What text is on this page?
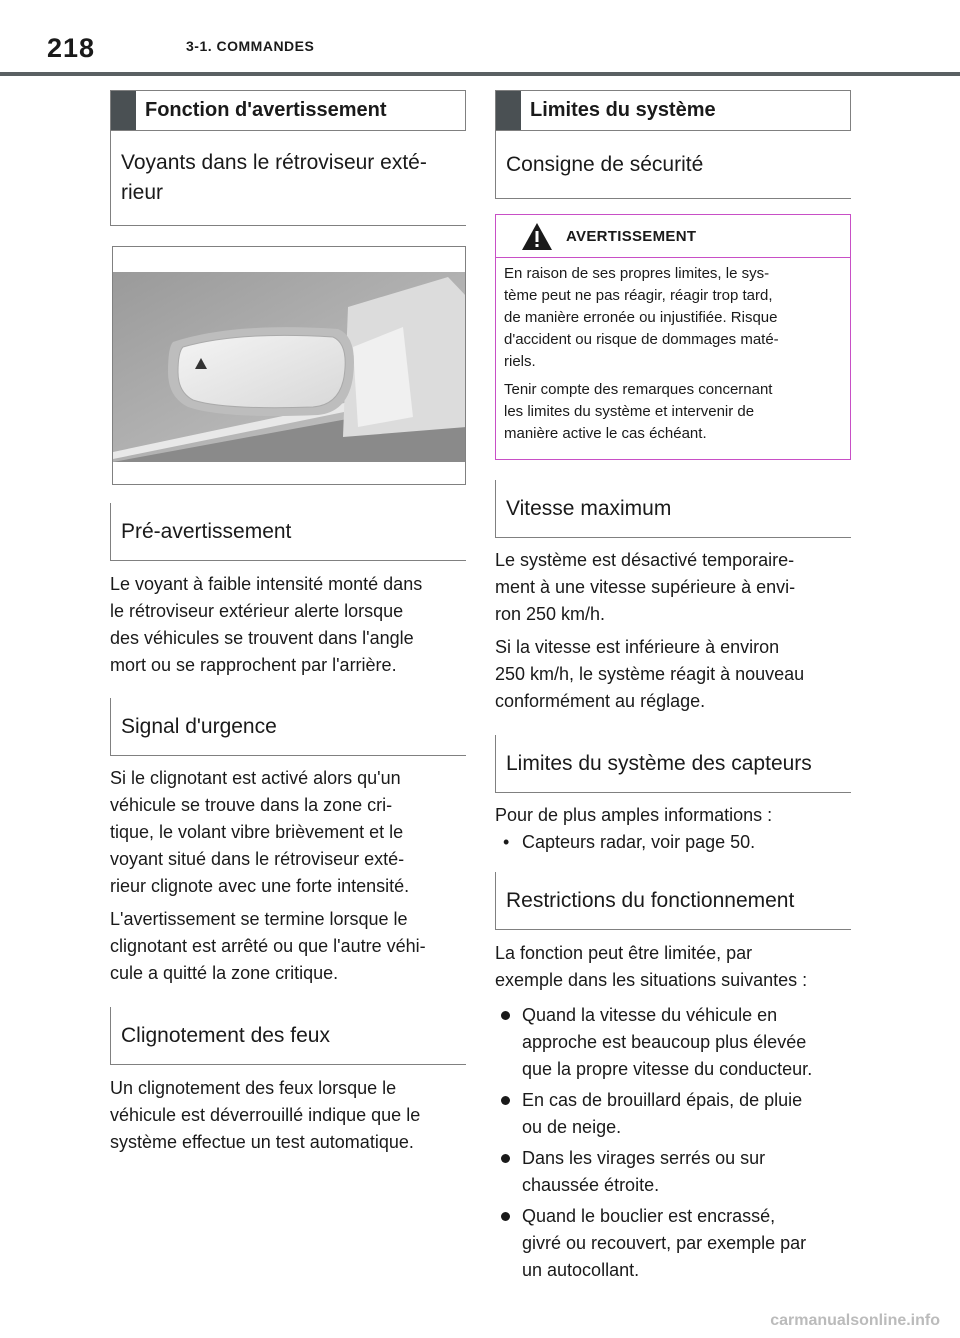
218	3-1. COMMANDES
Fonction d'avertissement
Voyants dans le rétroviseur exté-
rieur
Pré-avertissement

Le voyant à faible intensité monté dans

le rétroviseur extérieur alerte lorsque

des véhicules se trouvent dans l'angle

mort ou se rapprochent par l'arrière.

Signal d'urgence

Si le clignotant est activé alors qu'un

véhicule se trouve dans la zone cri-

tique, le volant vibre brièvement et le

voyant situé dans le rétroviseur exté-

rieur clignote avec une forte intensité.

L'avertissement se termine lorsque le

clignotant est arrêté ou que l'autre véhi-

cule a quitté la zone critique.

Clignotement des feux

Un clignotement des feux lorsque le

véhicule est déverrouillé indique que le

système effectue un test automatique.

Limites du système
Consigne de sécurité
AVERTISSEMENT

En raison de ses propres limites, le sys-
tème peut ne pas réagir, réagir trop tard,
de manière erronée ou injustifiée. Risque
d'accident ou risque de dommages maté-
riels.

Tenir compte des remarques concernant
les limites du système et intervenir de
manière active le cas échéant.

Vitesse maximum

Le système est désactivé temporaire-

ment à une vitesse supérieure à envi-

ron 250 km/h.

Si la vitesse est inférieure à environ

250 km/h, le système réagit à nouveau

conformément au réglage.

Limites du système des capteurs

Pour de plus amples informations :

• Capteurs radar, voir page 50.
Restrictions du fonctionnement

La fonction peut être limitée, par

exemple dans les situations suivantes :

Quand la vitesse du véhicule en
approche est beaucoup plus élevée
que la propre vitesse du conducteur.
En cas de brouillard épais, de pluie
ou de neige.
Dans les virages serrés ou sur
chaussée étroite.
Quand le bouclier est encrassé,
givré ou recouvert, par exemple par
un autocollant.
carmanualsonline.info
